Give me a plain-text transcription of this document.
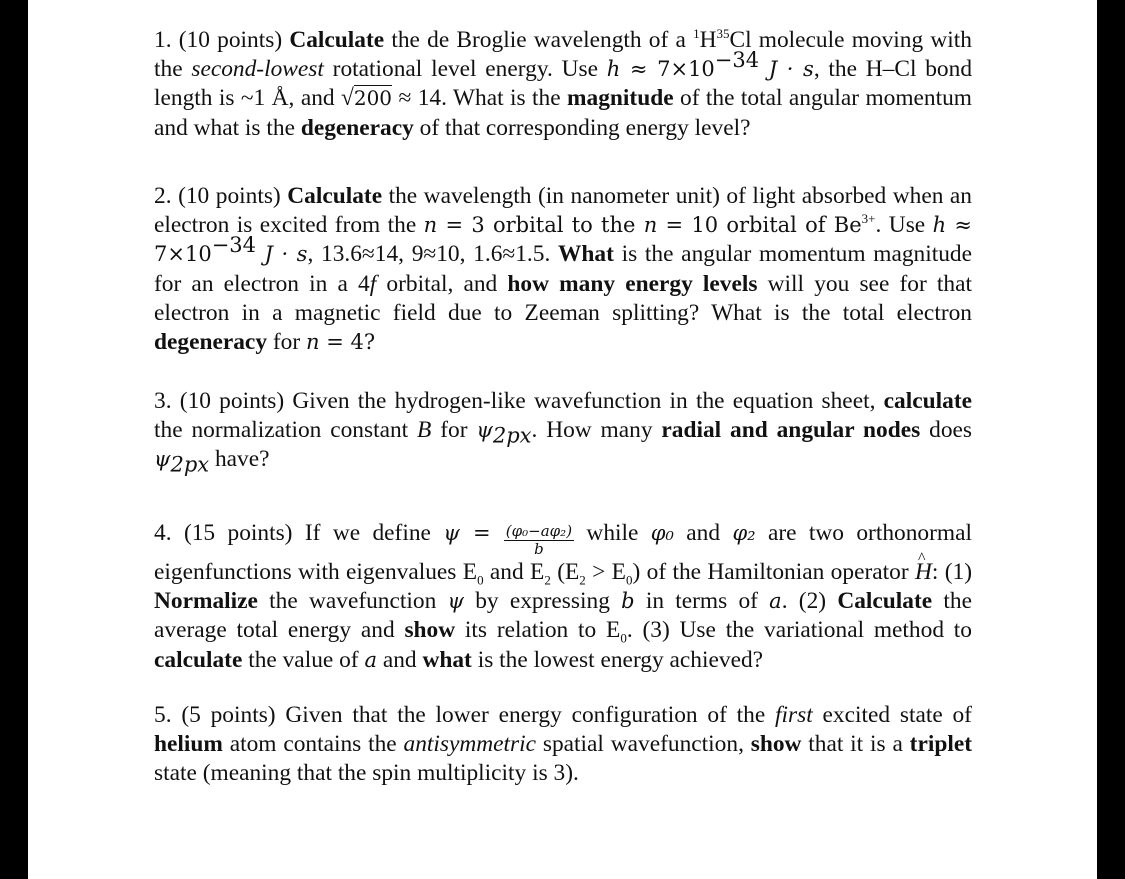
1. (10 points) Calculate the de Broglie wavelength of a $^1H^{35}Cl$ molecule moving with the second-lowest rotational level energy. Use $h \approx 7\times 10^{-34}$ J · s, the H–Cl bond length is ~1 Å, and √200 ≈ 14. What is the magnitude of the total angular momentum and what is the degeneracy of that corresponding energy level?
2. (10 points) Calculate the wavelength (in nanometer unit) of light absorbed when an electron is excited from the n = 3 orbital to the n = 10 orbital of $Be^{3+}$. Use $h \approx 7\times 10^{-34}$ J · s, 13.6≈14, 9≈10, 1.6≈1.5. What is the angular momentum magnitude for an electron in a 4f orbital, and how many energy levels will you see for that electron in a magnetic field due to Zeeman splitting? What is the total electron degeneracy for n = 4?
3. (10 points) Given the hydrogen-like wavefunction in the equation sheet, calculate the normalization constant B for $\psi_{2px}$. How many radial and angular nodes does $\psi_{2px}$ have?
4. (15 points) If we define $\psi = \frac{\text{(φ₀−aφ₂)}}{b}$ while φ₀ and φ₂ are two orthonormal eigenfunctions with eigenvalues $E_0$ and $E_2$ $(E_2 > E_0)$ of the Hamiltonian operator ^ H: (1) Normalize the wavefunction ψ by expressing b in terms of a. (2) Calculate the average total energy and show its relation to $E_0$. (3) Use the variational method to calculate the value of a and what is the lowest energy achieved?
5. (5 points) Given that the lower energy configuration of the first excited state of helium atom contains the antisymmetric spatial wavefunction, show that it is a triplet state (meaning that the spin multiplicity is 3).
